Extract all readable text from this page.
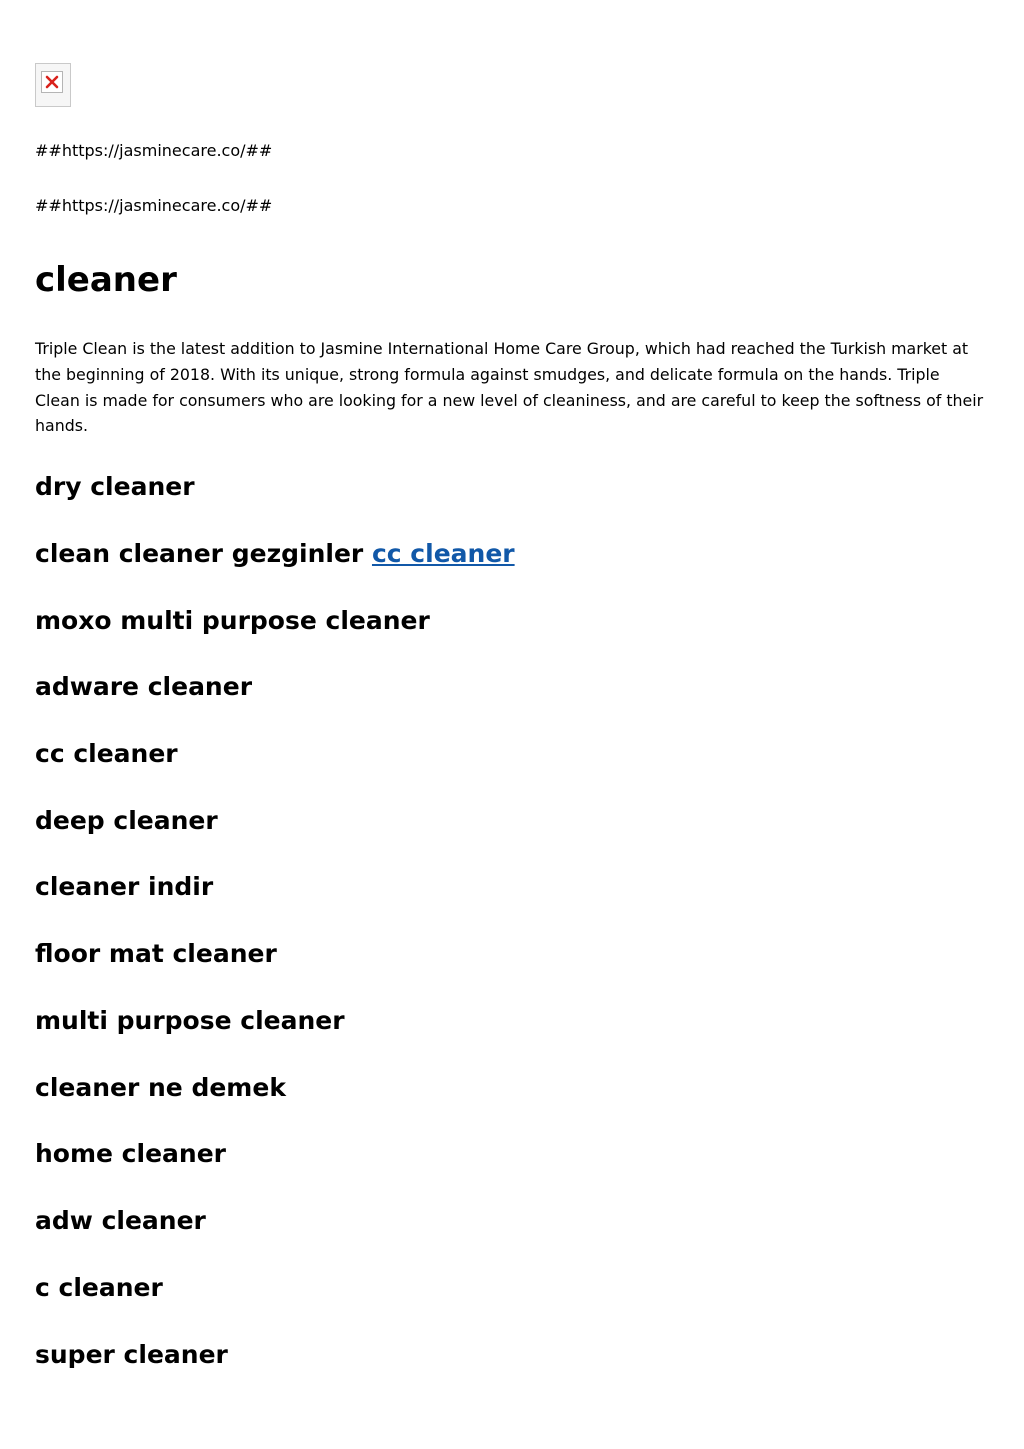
##https://jasminecare.co/##
##https://jasminecare.co/##
cleaner

Triple Clean is the latest addition to Jasmine International Home Care Group, which had reached the Turkish market at the beginning of 2018. With its unique, strong formula against smudges, and delicate formula on the hands. Triple Clean is made for consumers who are looking for a new level of cleaniness, and are careful to keep the softness of their hands.

dry cleaner
clean cleaner gezginler cc cleaner
moxo multi purpose cleaner
adware cleaner
cc cleaner
deep cleaner
cleaner indir
floor mat cleaner
multi purpose cleaner
cleaner ne demek
home cleaner
adw cleaner
c cleaner
super cleaner
